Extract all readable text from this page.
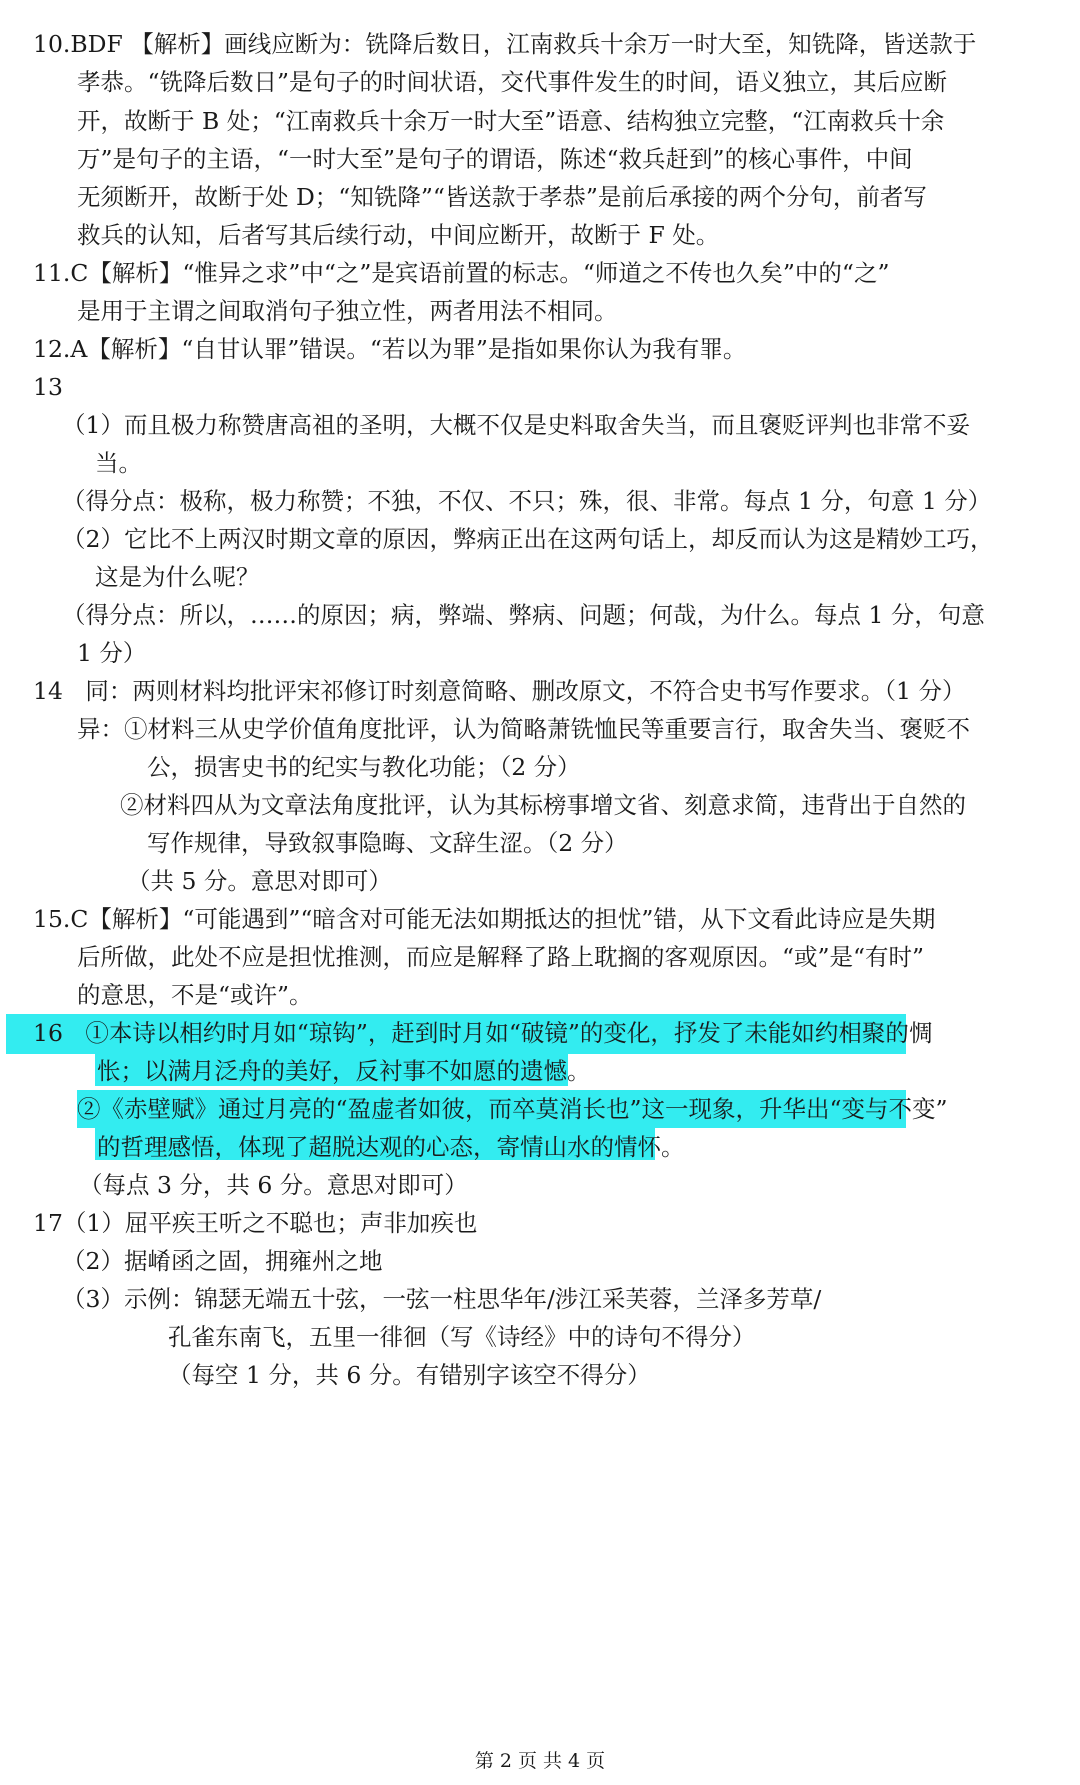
10.BDF 【解析】画线应断为：铣降后数日，江南救兵十余万一时大至，知铣降，皆送款于
孝恭。“铣降后数日”是句子的时间状语，交代事件发生的时间，语义独立，其后应断
开，故断于 B 处；“江南救兵十余万一时大至”语意、结构独立完整，“江南救兵十余
万”是句子的主语，“一时大至”是句子的谓语，陈述“救兵赶到”的核心事件，中间
无须断开，故断于处 D；“知铣降”“皆送款于孝恭”是前后承接的两个分句，前者写
救兵的认知，后者写其后续行动，中间应断开，故断于 F 处。
11.C【解析】“惟异之求”中“之”是宾语前置的标志。“师道之不传也久矣”中的“之”
是用于主谓之间取消句子独立性，两者用法不相同。
12.A【解析】“自甘认罪”错误。“若以为罪”是指如果你认为我有罪。
13
（1）而且极力称赞唐高祖的圣明，大概不仅是史料取舍失当，而且褒贬评判也非常不妥
当。
（得分点：极称，极力称赞；不独，不仅、不只；殊，很、非常。每点 1 分，句意 1 分）
（2）它比不上两汉时期文章的原因，弊病正出在这两句话上，却反而认为这是精妙工巧，
这是为什么呢？
（得分点：所以，……的原因；病，弊端、弊病、问题；何哉，为什么。每点 1 分，句意
1 分）
14   同：两则材料均批评宋祁修订时刻意简略、删改原文，不符合史书写作要求。（1 分）
异：①材料三从史学价值角度批评，认为简略萧铣恤民等重要言行，取舍失当、褒贬不
公，损害史书的纪实与教化功能；（2 分）
②材料四从为文章法角度批评，认为其标榜事增文省、刻意求简，违背出于自然的
写作规律，导致叙事隐晦、文辞生涩。（2 分）
（共 5 分。意思对即可）
15.C【解析】“可能遇到”“暗含对可能无法如期抵达的担忧”错，从下文看此诗应是失期
后所做，此处不应是担忧推测，而应是解释了路上耽搁的客观原因。“或”是“有时”
的意思，不是“或许”。
16   ①本诗以相约时月如“琼钩”，赶到时月如“破镜”的变化，抒发了未能如约相聚的惆
怅；以满月泛舟的美好，反衬事不如愿的遗憾。
②《赤壁赋》通过月亮的“盈虚者如彼，而卒莫消长也”这一现象，升华出“变与不变”
的哲理感悟，体现了超脱达观的心态，寄情山水的情怀。
（每点 3 分，共 6 分。意思对即可）
17（1）屈平疾王听之不聪也；声非加疾也
（2）据崤函之固，拥雍州之地
（3）示例：锦瑟无端五十弦，一弦一柱思华年/涉江采芙蓉，兰泽多芳草/
孔雀东南飞，五里一徘徊（写《诗经》中的诗句不得分）
（每空 1 分，共 6 分。有错别字该空不得分）
第 2 页 共 4 页
